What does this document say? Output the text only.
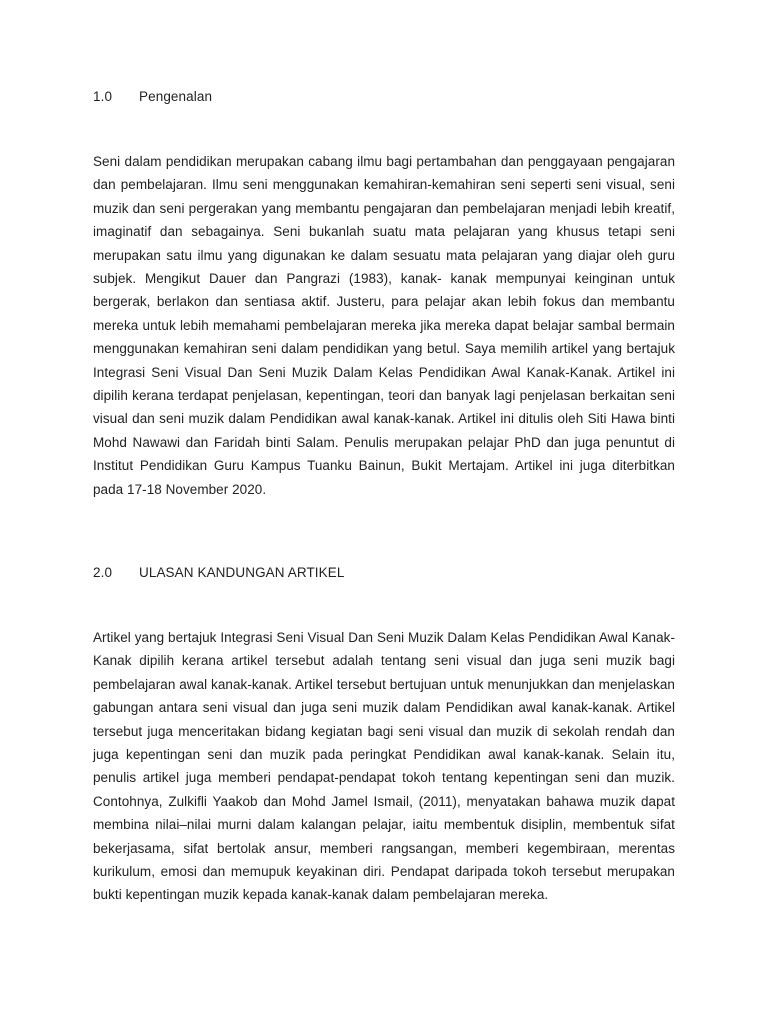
1.0 Pengenalan
Seni dalam pendidikan merupakan cabang ilmu bagi pertambahan dan penggayaan pengajaran dan pembelajaran. Ilmu seni menggunakan kemahiran-kemahiran seni seperti seni visual, seni muzik dan seni pergerakan yang membantu pengajaran dan pembelajaran menjadi lebih kreatif, imaginatif dan sebagainya. Seni bukanlah suatu mata pelajaran yang khusus tetapi seni merupakan satu ilmu yang digunakan ke dalam sesuatu mata pelajaran yang diajar oleh guru subjek. Mengikut Dauer dan Pangrazi (1983), kanak- kanak mempunyai keinginan untuk bergerak, berlakon dan sentiasa aktif. Justeru, para pelajar akan lebih fokus dan membantu mereka untuk lebih memahami pembelajaran mereka jika mereka dapat belajar sambal bermain menggunakan kemahiran seni dalam pendidikan yang betul. Saya memilih artikel yang bertajuk Integrasi Seni Visual Dan Seni Muzik Dalam Kelas Pendidikan Awal Kanak-Kanak. Artikel ini dipilih kerana terdapat penjelasan, kepentingan, teori dan banyak lagi penjelasan berkaitan seni visual dan seni muzik dalam Pendidikan awal kanak-kanak. Artikel ini ditulis oleh Siti Hawa binti Mohd Nawawi dan Faridah binti Salam. Penulis merupakan pelajar PhD dan juga penuntut di Institut Pendidikan Guru Kampus Tuanku Bainun, Bukit Mertajam. Artikel ini juga diterbitkan pada 17-18 November 2020.
2.0 ULASAN KANDUNGAN ARTIKEL
Artikel yang bertajuk Integrasi Seni Visual Dan Seni Muzik Dalam Kelas Pendidikan Awal Kanak-Kanak dipilih kerana artikel tersebut adalah tentang seni visual dan juga seni muzik bagi pembelajaran awal kanak-kanak. Artikel tersebut bertujuan untuk menunjukkan dan menjelaskan gabungan antara seni visual dan juga seni muzik dalam Pendidikan awal kanak-kanak. Artikel tersebut juga menceritakan bidang kegiatan bagi seni visual dan muzik di sekolah rendah dan juga kepentingan seni dan muzik pada peringkat Pendidikan awal kanak-kanak. Selain itu, penulis artikel juga memberi pendapat-pendapat tokoh tentang kepentingan seni dan muzik. Contohnya, Zulkifli Yaakob dan Mohd Jamel Ismail, (2011), menyatakan bahawa muzik dapat membina nilai–nilai murni dalam kalangan pelajar, iaitu membentuk disiplin, membentuk sifat bekerjasama, sifat bertolak ansur, memberi rangsangan, memberi kegembiraan, merentas kurikulum, emosi dan memupuk keyakinan diri. Pendapat daripada tokoh tersebut merupakan bukti kepentingan muzik kepada kanak-kanak dalam pembelajaran mereka.
